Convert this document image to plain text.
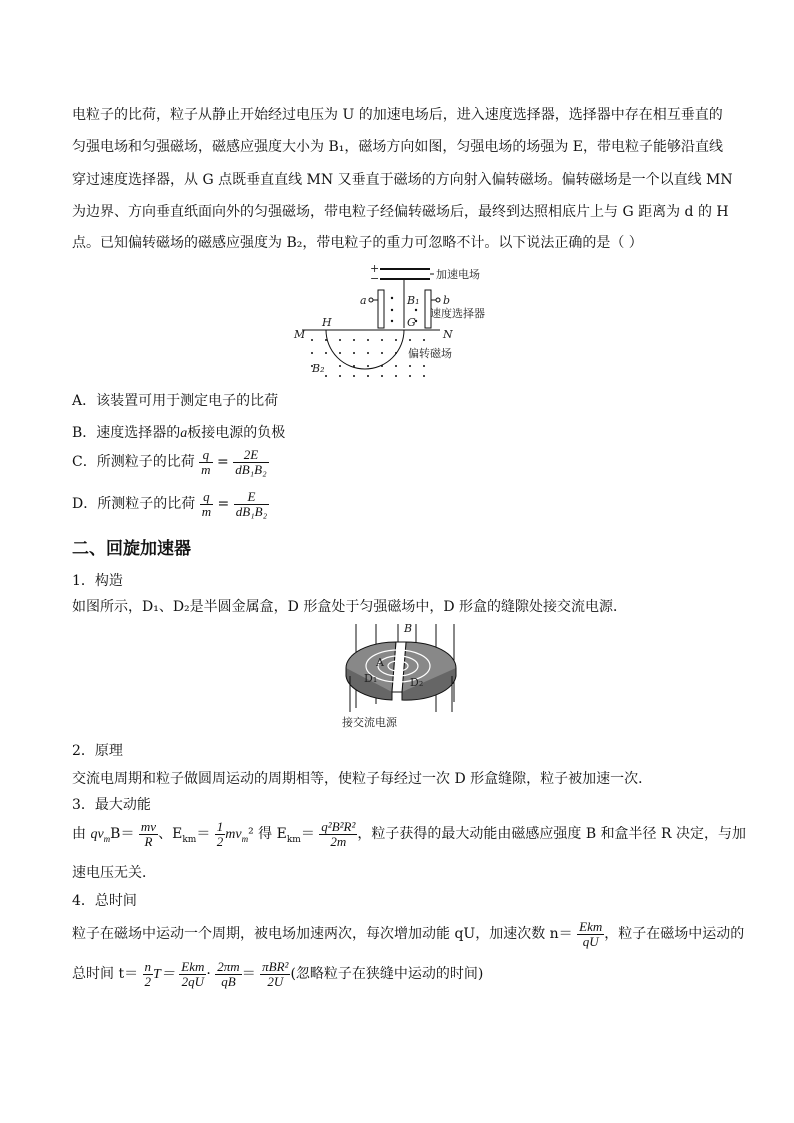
电粒子的比荷，粒子从静止开始经过电压为 U 的加速电场后，进入速度选择器，选择器中存在相互垂直的
匀强电场和匀强磁场，磁感应强度大小为 B₁，磁场方向如图，匀强电场的场强为 E，带电粒子能够沿直线
穿过速度选择器，从 G 点既垂直直线 MN 又垂直于磁场的方向射入偏转磁场。偏转磁场是一个以直线 MN
为边界、方向垂直纸面向外的匀强磁场，带电粒子经偏转磁场后，最终到达照相底片上与 G 距离为 d 的 H
点。已知偏转磁场的磁感应强度为 B₂，带电粒子的重力可忽略不计。以下说法正确的是（ ）
+
−	加速电场
a	b
B₁
速度选择器
G
M	N
H
偏转磁场
B₂
A．该装置可用于测定电子的比荷
B．速度选择器的a板接电源的负极
C．所测粒子的比荷 $\frac{q}{m} = \frac{2E}{\text{dB₁B₂}}$
D．所测粒子的比荷 $\frac{q}{m} = \frac{E}{\text{dB₁B₂}}$
二、回旋加速器
1．构造
如图所示，D₁、D₂是半圆金属盒，D 形盒处于匀强磁场中，D 形盒的缝隙处接交流电源．
B
A
D₁	D₂
接交流电源
2．原理
交流电周期和粒子做圆周运动的周期相等，使粒子每经过一次 D 形盒缝隙，粒子被加速一次．
3．最大动能
由 $qv_mB= \frac{mv}{R}$ 、$E_{km}= \frac{1}{2} mv_m^2$ 得 $E_{km}= \frac{\text{q²B²R²}}{2m}$ ，粒子获得的最大动能由磁感应强度 B 和盒半径 R 决定，与加
速电压无关．
4．总时间
粒子在磁场中运动一个周期，被电场加速两次，每次增加动能 qU，加速次数 $n= \frac{\text{Ekm}}{qU}$ ，粒子在磁场中运动的
总时间 $t= \frac{n}{2} T= \frac{\text{Ekm}}{2qU} \cdot \frac{2\pi m}{qB} = \frac{\text{πBR²}}{2U}$ (忽略粒子在狭缝中运动的时间)
